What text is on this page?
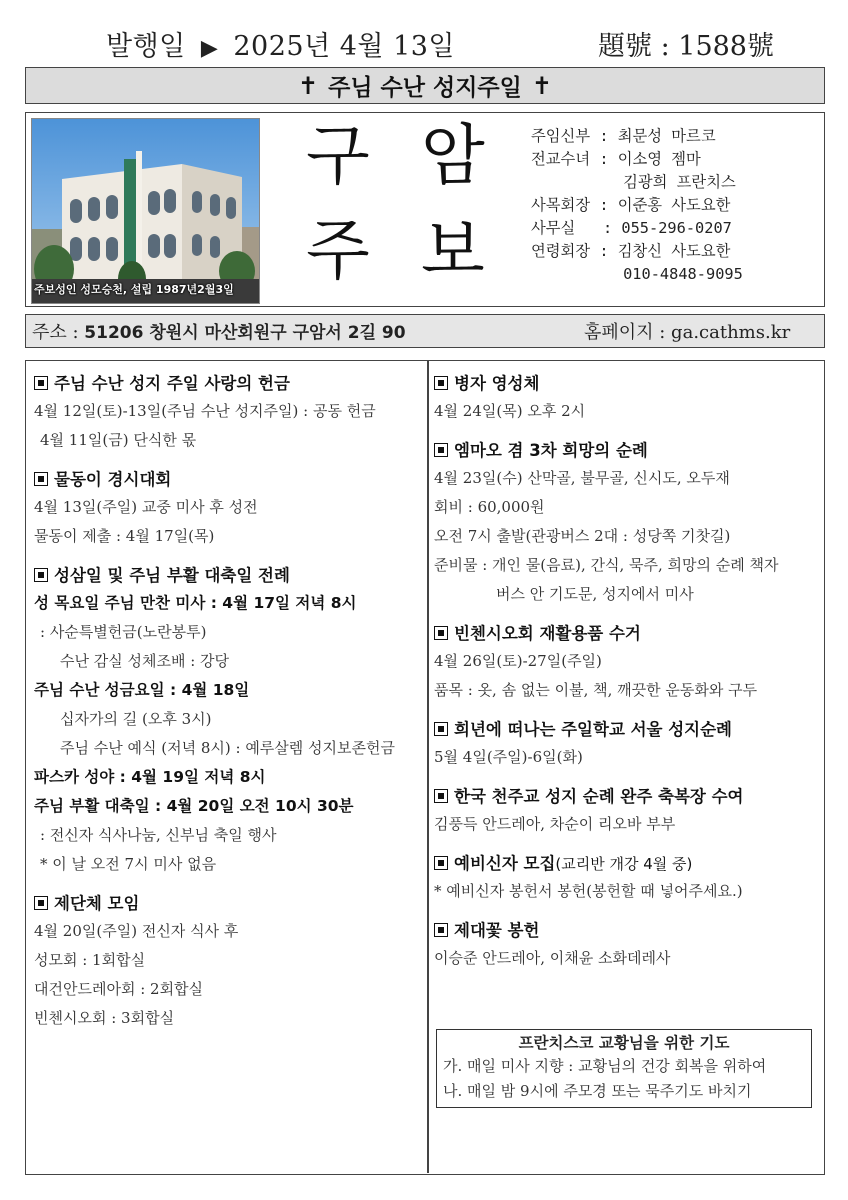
발행일 ▶ 2025년 4월 13일	題號 : 1588號
✝ 주님 수난 성지주일 ✝
주보성인 성모승천, 설립 1987년2월3일
구 암
주 보
주임신부 : 최문성 마르코
전교수녀 : 이소영 젬마
김광희 프란치스
사목회장 : 이준홍 사도요한
사무실   : 055-296-0207
연령회장 : 김창신 사도요한
010-4848-9095
주소 : 51206 창원시 마산회원구 구암서 2길 90	홈페이지 : ga.cathms.kr
주님 수난 성지 주일 사랑의 헌금
4월 12일(토)-13일(주님 수난 성지주일) : 공동 헌금
4월 11일(금) 단식한 몫
물동이 경시대회
4월 13일(주일) 교중 미사 후 성전
물동이 제출 : 4월 17일(목)
성삼일 및 주님 부활 대축일 전례
성 목요일 주님 만찬 미사 : 4월 17일 저녁 8시
: 사순특별헌금(노란봉투)
수난 감실 성체조배 : 강당
주님 수난 성금요일 : 4월 18일
십자가의 길 (오후 3시)
주님 수난 예식 (저녁 8시) : 예루살렘 성지보존헌금
파스카 성야 : 4월 19일 저녁 8시
주님 부활 대축일 : 4월 20일 오전 10시 30분
: 전신자 식사나눔, 신부님 축일 행사
* 이 날 오전 7시 미사 없음
제단체 모임
4월 20일(주일) 전신자 식사 후
성모회 : 1회합실
대건안드레아회 : 2회합실
빈첸시오회 : 3회합실
병자 영성체
4월 24일(목) 오후 2시
엠마오 겸 3차 희망의 순례
4월 23일(수) 산막골, 불무골, 신시도, 오두재
회비 : 60,000원
오전 7시 출발(관광버스 2대 : 성당쪽 기찻길)
준비물 : 개인 물(음료), 간식, 묵주, 희망의 순례 책자
버스 안 기도문, 성지에서 미사
빈첸시오회 재활용품 수거
4월 26일(토)-27일(주일)
품목 : 옷, 솜 없는 이불, 책, 깨끗한 운동화와 구두
희년에 떠나는 주일학교 서울 성지순례
5월 4일(주일)-6일(화)
한국 천주교 성지 순례 완주 축복장 수여
김풍득 안드레아, 차순이 리오바 부부
예비신자 모집(교리반 개강 4월 중)
* 예비신자 봉헌서 봉헌(봉헌할 때 넣어주세요.)
제대꽃 봉헌
이승준 안드레아, 이채윤 소화데레사
프란치스코 교황님을 위한 기도
가. 매일 미사 지향 : 교황님의 건강 회복을 위하여
나. 매일 밤 9시에 주모경 또는 묵주기도 바치기
